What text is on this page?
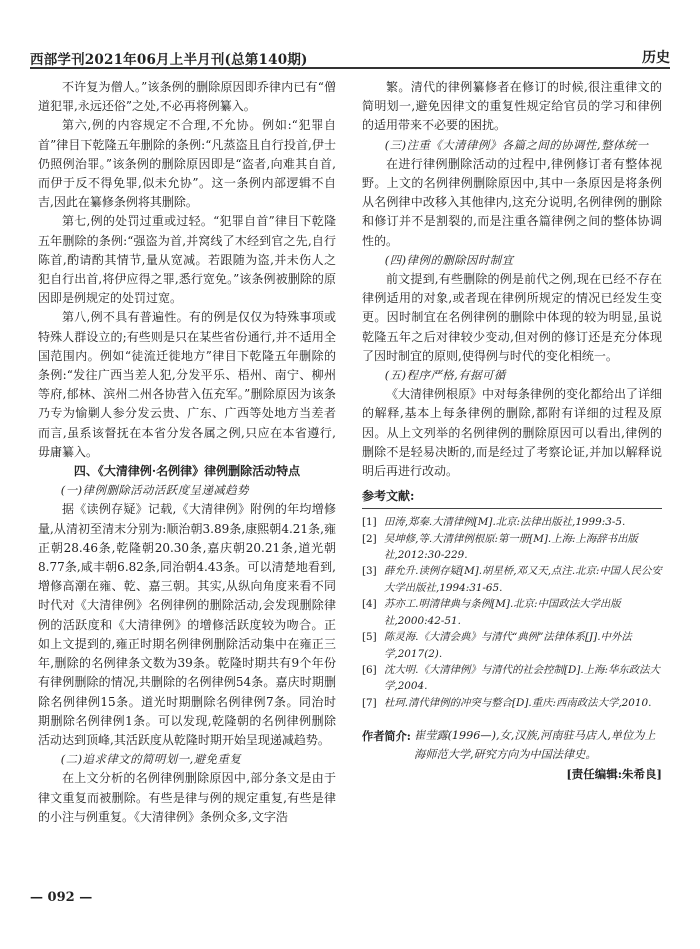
西部学刊2021年06月上半月刊(总第140期)	历史
不许复为僧人。”该条例的删除原因即乔律内已有“僧道犯罪,永远还俗”之处,不必再将例纂入。
第六,例的内容规定不合理,不允协。例如:“犯罪自首”律目下乾隆五年删除的条例:“凡蒸盗且自行投首,伊士仍照例治罪。”该条例的删除原因即是“盗者,向难其自首,而伊于反不得免罪,似未允协”。这一条例内部逻辑不自吉,因此在纂修条例将其删除。
第七,例的处罚过重或过轻。“犯罪自首”律目下乾隆五年删除的条例:“强盗为首,并窝线了木经到官之先,自行陈首,酌请酌其情节,量从宽减。若跟随为盗,并未伤人之犯自行出首,将伊应得之罪,悉行宽免。”该条例被删除的原因即是例规定的处罚过宽。
第八,例不具有普遍性。有的例是仅仅为特殊事项或特殊人群设立的;有些则是只在某些省份通行,并不适用全国范围内。例如“徒流迁徙地方”律目下乾隆五年删除的条例:“发往广西当差人犯,分发平乐、梧州、南宁、柳州等府,郁林、滨州二州各协营入伍充军。”删除原因为该条乃专为愉剿人参分发云贵、广东、广西等处地方当差者而言,虽系该督抚在本省分发各属之例,只应在本省遵行,毋庸纂入。
四、《大清律例·名例律》律例删除活动特点
(一)律例删除活动活跃度呈递减趋势
据《读例存疑》记载,《大清律例》附例的年均增修量,从清初至清末分别为:顺治朝3.89条,康熙朝4.21条,雍正朝28.46条,乾隆朝20.30条,嘉庆朝20.21条,道光朝8.77条,咸丰朝6.82条,同治朝4.43条。可以清楚地看到,增修高潮在雍、乾、嘉三朝。其实,从纵向角度来看不同时代对《大清律例》名例律例的删除活动,会发现删除律例的活跃度和《大清律例》的增修活跃度较为吻合。正如上文提到的,雍正时期名例律例删除活动集中在雍正三年,删除的名例律条文数为39条。乾隆时期共有9个年份有律例删除的情况,共删除的名例律例54条。嘉庆时期删除名例律例15条。道光时期删除名例律例7条。同治时期删除名例律例1条。可以发现,乾隆朝的名例律例删除活动达到顶峰,其活跃度从乾隆时期开始呈现递减趋势。
(二)追求律文的简明划一,避免重复
在上文分析的名例律例删除原因中,部分条文是由于律文重复而被删除。有些是律与例的规定重复,有些是律的小注与例重复。《大清律例》条例众多,文字浩
繁。清代的律例纂修者在修订的时候,很注重律文的简明划一,避免因律文的重复性规定给官员的学习和律例的适用带来不必要的困扰。
(三)注重《大清律例》各篇之间的协调性,整体统一
在进行律例删除活动的过程中,律例修订者有整体视野。上文的名例律例删除原因中,其中一条原因是将条例从名例律中改移入其他律内,这充分说明,名例律例的删除和修订并不是割裂的,而是注重各篇律例之间的整体协调性的。
(四)律例的删除因时制宜
前文提到,有些删除的例是前代之例,现在已经不存在律例适用的对象,或者现在律例所规定的情况已经发生变更。因时制宜在名例律例的删除中体现的较为明显,虽说乾隆五年之后对律较少变动,但对例的修订还是充分体现了因时制宜的原则,使得例与时代的变化相统一。
(五)程序严格,有据可循
《大清律例根原》中对每条律例的变化都给出了详细的解释,基本上每条律例的删除,都附有详细的过程及原因。从上文列举的名例律例的删除原因可以看出,律例的删除不是轻易决断的,而是经过了考察论证,并加以解释说明后再进行改动。
参考文献:
[1] 田涛,郑秦.大清律例[M].北京:法律出版社,1999:3-5.
[2] 吴坤修,等.大清律例根原:第一册[M].上海:上海辞书出版社,2012:30-229.
[3] 薛允升.读例存疑[M].胡星桥,邓又天,点注.北京:中国人民公安大学出版社,1994:31-65.
[4] 苏亦工.明清律典与条例[M].北京:中国政法大学出版社,2000:42-51.
[5] 陈灵海.《大清会典》与清代“典例”法律体系[J].中外法学,2017(2).
[6] 沈大明.《大清律例》与清代的社会控制[D].上海:华东政法大学,2004.
[7] 杜珂.清代律例的冲突与整合[D].重庆:西南政法大学,2010.
作者简介: 崔莹露(1996—),女,汉族,河南驻马店人,单位为上海师范大学,研究方向为中国法律史。
[责任编辑:朱希良]
— 092 —
